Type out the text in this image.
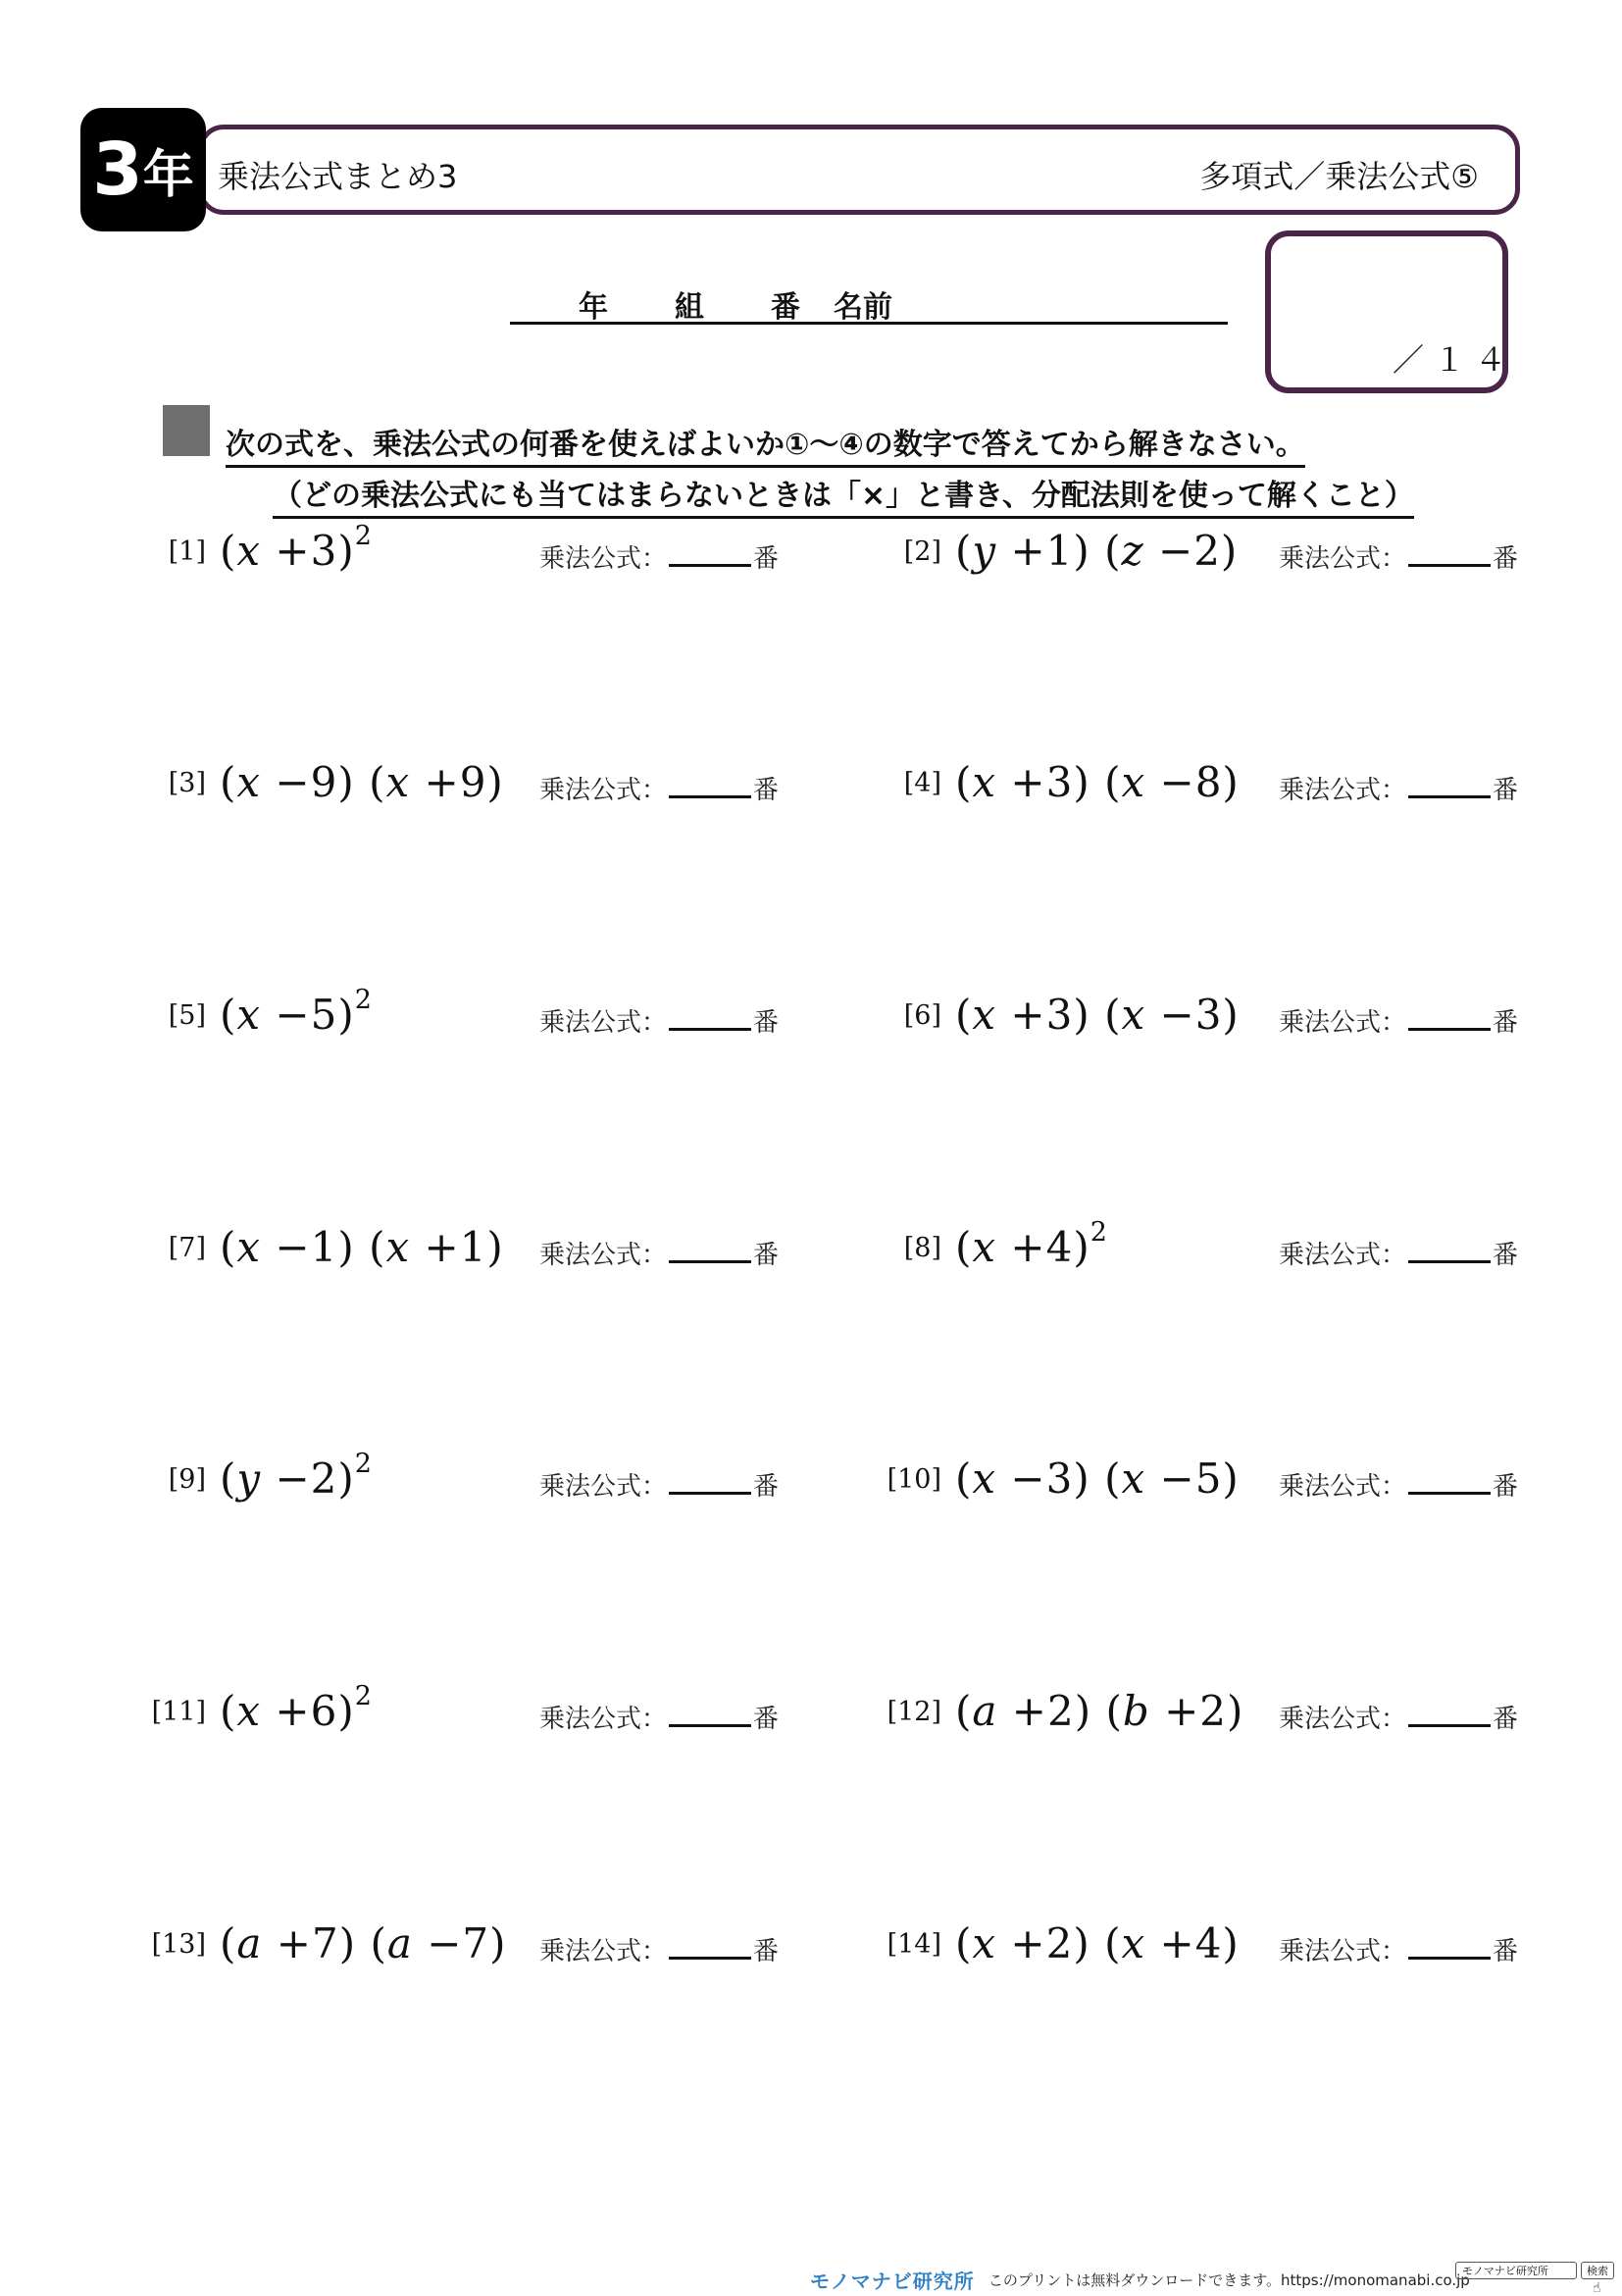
3 年 乗法公式まとめ3	多項式／乗法公式⑤
年 組 番 名前
／１４
次の式を、乗法公式の何番を使えばよいか①～④の数字で答えてから解きなさい。
（どの乗法公式にも当てはまらないときは「×」と書き、分配法則を使って解くこと）
[1] $(x +3)^2$
乗法公式：	番
[3] (x −9) (x +9) 乗法公式：	番
[5] $(x -5)^2$
乗法公式：	番
[7] (x −1) (x +1) 乗法公式：	番
[9] $(y -2)^2$
乗法公式：	番
[11] $(x +6)^2$
乗法公式：	番
[13] (a +7) (a −7) 乗法公式：	番
[2] (y +1) (z −2) 乗法公式：	番
[4] (x +3) (x −8) 乗法公式：	番
[6] (x +3) (x −3) 乗法公式：	番
[8] $(x +4)^2$
乗法公式：	番
[10] (x −3) (x −5) 乗法公式：	番
[12] (a +2) (b +2) 乗法公式：	番
[14] (x +2) (x +4) 乗法公式：	番
モノマナビ研究所 このプリントは無料ダウンロードできます。https://monomanabi.co.jp
モノマナビ研究所	検索
☝
